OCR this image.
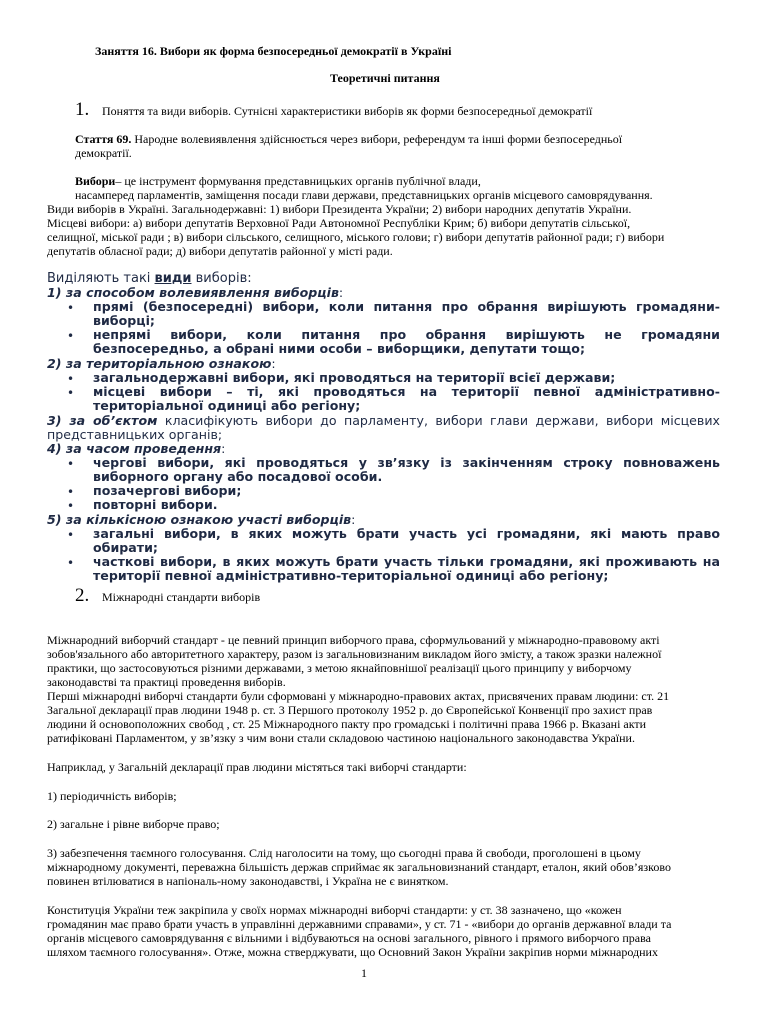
Заняття 16. Вибори як форма безпосередньої демократії в Україні
Теоретичні питання
1. Поняття та види виборів. Сутнісні характеристики виборів як форми безпосередньої демократії
Стаття 69. Народне волевиявлення здійснюється через вибори, референдум та інші форми безпосередньої
демократії.
Вибори– це інструмент формування представницьких органів публічної влади,
насамперед парламентів, заміщення посади глави держави, представницьких органів місцевого самоврядування.
Види виборів в Україні. Загальнодержавні: 1) вибори Президента України; 2) вибори народних депутатів України.
Місцеві вибори: а) вибори депутатів Верховної Ради Автономної Республіки Крим; б) вибори депутатів сільської,
селищної, міської ради ; в) вибори сільського, селищного, міського голови; г) вибори депутатів районної ради; г) вибори
депутатів обласної ради; д) вибори депутатів районної у місті ради.
Виділяють такі види виборів:
1) за способом волевиявлення виборців:
• прямі (безпосередні) вибори, коли питання про обрання вирішують громадяни-
виборці;
• непрямі вибори, коли питання про обрання вирішують не громадяни
безпосередньо, а обрані ними особи – виборщики, депутати тощо;
2) за територіальною ознакою:
• загальнодержавні вибори, які проводяться на території всієї держави;
• місцеві вибори – ті, які проводяться на території певної адміністративно-
територіальної одиниці або регіону;
3) за об’єктом класифікують вибори до парламенту, вибори глави держави, вибори місцевих
представницьких органів;
4) за часом проведення:
• чергові вибори, які проводяться у зв’язку із закінченням строку повноважень
виборного органу або посадової особи.
• позачергові вибори;
• повторні вибори.
5) за кількісною ознакою участі виборців:
• загальні вибори, в яких можуть брати участь усі громадяни, які мають право
обирати;
• часткові вибори, в яких можуть брати участь тільки громадяни, які проживають на
території певної адміністративно-територіальної одиниці або регіону;
2. Міжнародні стандарти виборів
Міжнародний виборчий стандарт - це певний принцип виборчого права, сформульований у міжнародно-правовому акті
зобов'язального або авторитетного характеру, разом із загальновизнаним викладом його змісту, а також зразки належної
практики, що застосовуються різними державами, з метою якнайповнішої реалізації цього принципу у виборчому
законодавстві та практиці проведення виборів.
Перші міжнародні виборчі стандарти були сформовані у міжнародно-правових актах, присвячених правам людини: ст. 21
Загальної декларації прав людини 1948 р. ст. 3 Першого протоколу 1952 р. до Європейської Конвенції про захист прав
людини й основоположних свобод , ст. 25 Міжнародного пакту про громадські і політичні права 1966 р. Вказані акти
ратифіковані Парламентом, у зв’язку з чим вони стали складовою частиною національного законодавства України.
Наприклад, у Загальній декларації прав людини містяться такі виборчі стандарти:
1) періодичність виборів;
2) загальне і рівне виборче право;
3) забезпечення таємного голосування. Слід наголосити на тому, що сьогодні права й свободи, проголошені в цьому
міжнародному документі, переважна більшість держав сприймає як загальновизнаний стандарт, еталон, який обов’язково
повинен втілюватися в напіональ-ному законодавстві, і Україна не є винятком.
Конституція України теж закріпила у своїх нормах міжнародні виборчі стандарти: у ст. 38 зазначено, що «кожен
громадянин має право брати участь в управлінні державними справами», у ст. 71 - «вибори до органів державної влади та
органів місцевого самоврядування є вільними і відбуваються на основі загального, рівного і прямого виборчого права
шляхом таємного голосування». Отже, можна стверджувати, що Основний Закон України закріпив норми міжнародних
1
